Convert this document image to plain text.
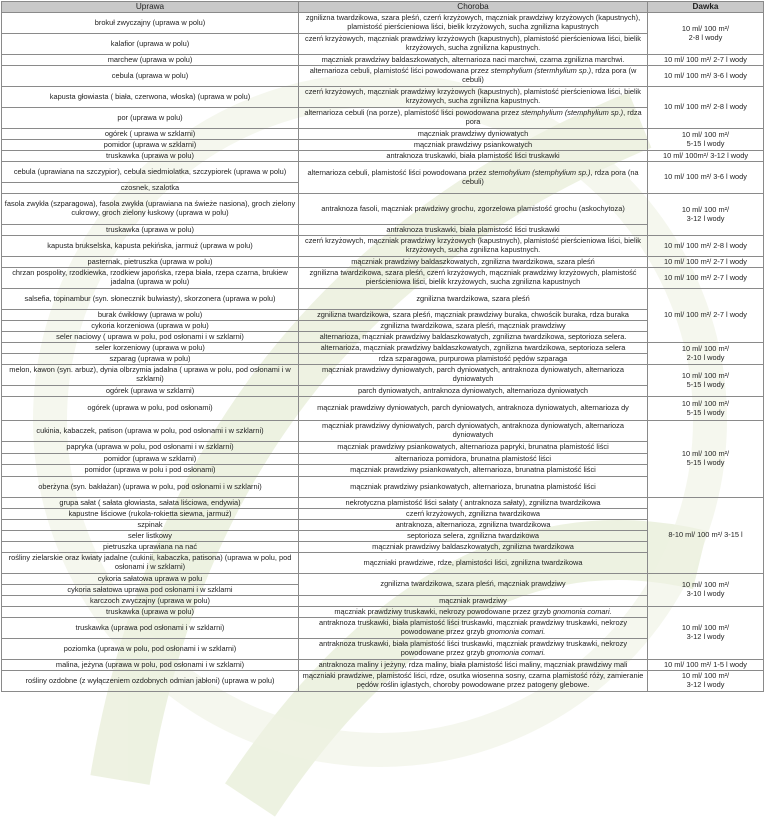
Uprawa	Choroba	Dawka
brokuł zwyczajny (uprawa w polu)	zgnilizna twardzikowa, szara pleśń, czerń krzyżowych, mączniak prawdziwy krzyżowych (kapustnych), plamistość pierścieniowa liści, bielik krzyżowych, sucha zgnilizna kapustnych	10 ml/ 100 m²/
2-8 l wody
kalafior (uprawa w polu)	czerń krzyżowych, mączniak prawdziwy krzyżowych (kapustnych), plamistość pierścieniowa liści, bielik krzyżowych, sucha zgnilizna kapustnych.	
marchew (uprawa w polu)	mączniak prawdziwy baldaszkowatych, alternarioza naci marchwi, czarna zgnilizna marchwi.	10 ml/ 100 m²/ 2-7 l wody
cebula (uprawa w polu)	alternarioza cebuli, plamistość liści powodowana przez stemphylium (stermhylium sp.), rdza pora (w cebuli)	10 ml/ 100 m²/ 3-6 l wody
kapusta głowiasta ( biała, czerwona, włoska) (uprawa w polu)	czerń krzyżowych, mączniak prawdziwy krzyżowych (kapustnych), plamistość pierścieniowa liści, bielik krzyżowych, sucha zgnilizna kapustnych.	10 ml/ 100 m²/ 2-8 l wody
por (uprawa w polu)	alternarioza cebuli (na porze), plamistość liści powodowana przez stemphylium (stemphylium sp.), rdza pora	
ogórek ( uprawa w szklarni)	mączniak prawdziwy dyniowatych	10 ml/ 100 m²/
5-15 l wody
pomidor (uprawa w szklarni)	mączniak prawdziwy psiankowatych	
truskawka (uprawa w polu)	antraknoza truskawki, biała plamistość liści truskawki	10 ml/ 100m²/ 3-12 l wody
cebula (uprawiana na szczypior), cebula siedmiolatka, szczypiorek (uprawa w polu)	alternarioza cebuli, plamistość liści powodowana przez stemohylium (stemphylium sp.), rdza pora (na cebuli)	10 ml/ 100 m²/ 3-6 l wody
czosnek, szalotka		
fasola zwykła (szparagowa), fasola zwykła (uprawiana na świeże nasiona), groch zielony cukrowy, groch zielony łuskowy (uprawa w polu)	antraknoza fasoli, mączniak prawdziwy grochu, zgorzelowa plamistość grochu (askochytoza)	10 ml/ 100 m²/
3-12 l wody
truskawka (uprawa w polu)	antraknoza truskawki, biała plamistość liści truskawki	
kapusta brukselska, kapusta pekińska, jarmuż (uprawa w polu)	czerń krzyżowych, mączniak prawdziwy krzyżowych (kapustnych), plamistość pierścieniowa liści, bielik krzyżowych, sucha zgnilizna kapustnych.	10 ml/ 100 m²/ 2-8 l wody
pasternak, pietruszka (uprawa w polu)	mączniak prawdziwy baldaszkowatych, zgnilizna twardzikowa, szara pleśń	10 ml/ 100 m²/ 2-7 l wody
chrzan pospolity, rzodkiewka, rzodkiew japońska, rzepa biała, rzepa czarna, brukiew jadalna (uprawa w polu)	zgnilizna twardzikowa, szara pleśń, czerń krzyżowych, mączniak prawdziwy krzyżowych, plamistość pierścieniowa liści, bielik krzyżowych, sucha zgnilizna kapustnych	10 ml/ 100 m²/ 2-7 l wody
salsefia, topinambur (syn. słonecznik bulwiasty), skorzonera (uprawa w polu)	zgnilizna twardzikowa, szara pleśń	10 ml/ 100 m²/ 2-7 l wody
burak ćwikłowy (uprawa w polu)	zgnilizna twardzikowa, szara pleśń, mączniak prawdziwy buraka, chwościk buraka, rdza buraka	
cykoria korzeniowa (uprawa w polu)	zgnilizna twardzikowa, szara pleśń, mączniak prawdziwy	
seler naciowy ( uprawa w polu, pod osłonami i w szklarni)	alternarioza, mączniak prawdziwy baldaszkowatych, zgnilizna twardzikowa, septorioza selera.	
seler korzeniowy (uprawa w polu)	alternarioza, mączniak prawdziwy baldaszkowatych, zgnilizna twardzikowa, septorioza selera	10 ml/ 100 m²/
2-10 l wody
szparag (uprawa w polu)	rdza szparagowa, purpurowa plamistość pędów szparaga	
melon, kawon (syn. arbuz), dynia olbrzymia jadalna ( uprawa w polu, pod osłonami i w szklarni)	mączniak prawdziwy dyniowatych, parch dyniowatych, antraknoza dyniowatych, alternarioza dyniowatych	10 ml/ 100 m²/
5-15 l wody
ogórek (uprawa w szklarni)	parch dyniowatych, antraknoza dyniowatych, alternarioza dyniowatych	
ogórek (uprawa w polu, pod osłonami)	mączniak prawdziwy dyniowatych, parch dyniowatych, antraknoza dyniowatych, alternarioza dy	10 ml/ 100 m²/
5-15 l wody
cukinia, kabaczek, patison (uprawa w polu, pod osłonami i w szklarni)	mączniak prawdziwy dyniowatych, parch dyniowatych, antraknoza dyniowatych, alternarioza dyniowatych	10 ml/ 100 m²/
5-15 l wody
papryka (uprawa w polu, pod osłonami i w szklarni)	mączniak prawdziwy psiankowatych, alternarioza papryki, brunatna plamistość liści	
pomidor (uprawa w szklarni)	alternarioza pomidora, brunatna plamistość liści	
pomidor (uprawa w polu i pod osłonami)	mączniak prawdziwy psiankowatych, alternarioza, brunatna plamistość liści	
oberżyna (syn. bakłażan) (uprawa w polu, pod osłonami i w szklarni)	mączniak prawdziwy psiankowatych, alternarioza, brunatna plamistość liści	
grupa sałat ( sałata głowiasta, sałata liściowa, endywia)	nekrotyczna plamistość liści sałaty ( antraknoza sałaty), zgnilizna twardzikowa	8-10 ml/ 100 m²/ 3-15 l
kapustne liściowe (rukola-rokietta siewna, jarmuż)	czerń krzyżowych, zgnilizna twardzikowa	
szpinak	antraknoza, alternarioza, zgnilizna twardzikowa	
seler listkowy	septorioza selera, zgnilizna twardzikowa	
pietruszka uprawiana na nać	mączniak prawdziwy baldaszkowatych, zgnilizna twardzikowa	
rośliny zielarskie oraz kwiaty jadalne (cukinii, kabaczka, patisona) (uprawa w polu, pod osłonami i w szklarni)	mączniaki prawdziwe, rdze, plamistości liści, zgnilizna twardzikowa	
cykoria sałatowa uprawa w polu	zgnilizna twardzikowa, szara pleśń, mączniak prawdziwy	10 ml/ 100 m²/
3-10 l wody
cykoria sałatowa uprawa pod osłonami i w szklarni		
karczoch zwyczajny (uprawa w polu)	mączniak prawdziwy	
truskawka (uprawa w polu)	mączniak prawdziwy truskawki, nekrozy powodowane przez grzyb gnomonia comari.	10 ml/ 100 m²/
3-12 l wody
truskawka (uprawa pod osłonami i w szklarni)	antraknoza truskawki, biała plamistość liści truskawki, mączniak prawdziwy truskawki, nekrozy powodowane przez grzyb gnomonia comari.	
poziomka (uprawa w polu, pod osłonami i w szklarni)	antraknoza truskawki, biała plamistość liści truskawki, mączniak prawdziwy truskawki, nekrozy powodowane przez grzyb gnomonia comari.	
malina, jeżyna (uprawa w polu, pod osłonami i w szklarni)	antraknoza maliny i jeżyny, rdza maliny, biała plamistość liści maliny, mączniak prawdziwy mali	10 ml/ 100 m²/ 1-5 l wody
rośliny ozdobne (z wyłączeniem ozdobnych odmian jabłoni) (uprawa w polu)	mączniaki prawdziwe, plamistość liści, rdze, osutka wiosenna sosny, czarna plamistość róży, zamieranie pędów roślin iglastych, choroby powodowane przez patogeny glebowe.	10 ml/ 100 m²/
3-12 l wody
